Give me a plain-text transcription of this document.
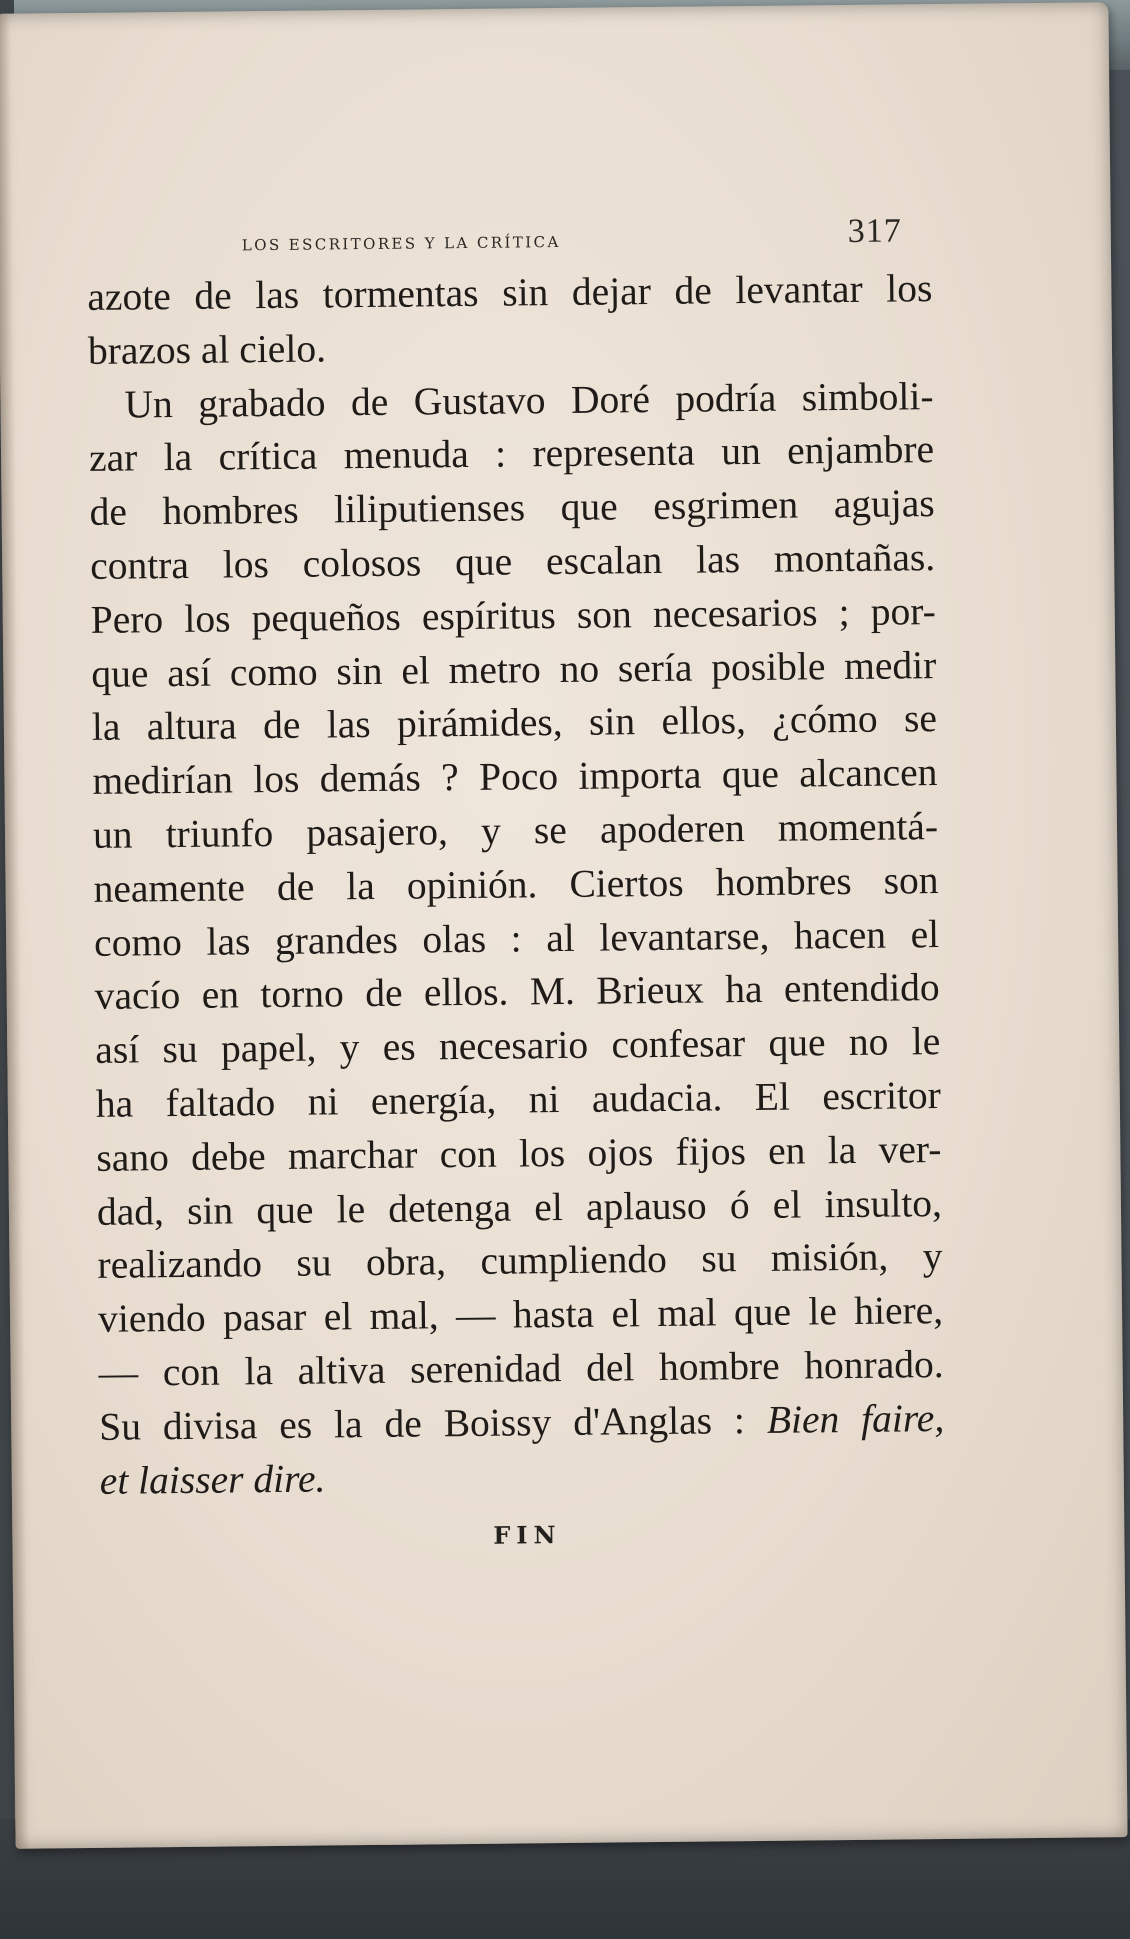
los escritores y la crítica	317
azote de las tormentas sin dejar de levantar los
brazos al cielo.
Un grabado de Gustavo Doré podría simboli-
zar la crítica menuda : representa un enjambre
de hombres liliputienses que esgrimen agujas
contra los colosos que escalan las montañas.
Pero los pequeños espíritus son necesarios ; por-
que así como sin el metro no sería posible medir
la altura de las pirámides, sin ellos, ¿cómo se
medirían los demás ? Poco importa que alcancen
un triunfo pasajero, y se apoderen momentá-
neamente de la opinión. Ciertos hombres son
como las grandes olas : al levantarse, hacen el
vacío en torno de ellos. M. Brieux ha entendido
así su papel, y es necesario confesar que no le
ha faltado ni energía, ni audacia. El escritor
sano debe marchar con los ojos fijos en la ver-
dad, sin que le detenga el aplauso ó el insulto,
realizando su obra, cumpliendo su misión, y
viendo pasar el mal, — hasta el mal que le hiere,
— con la altiva serenidad del hombre honrado.
Su divisa es la de Boissy d'Anglas : Bien faire,
et laisser dire.
FIN
